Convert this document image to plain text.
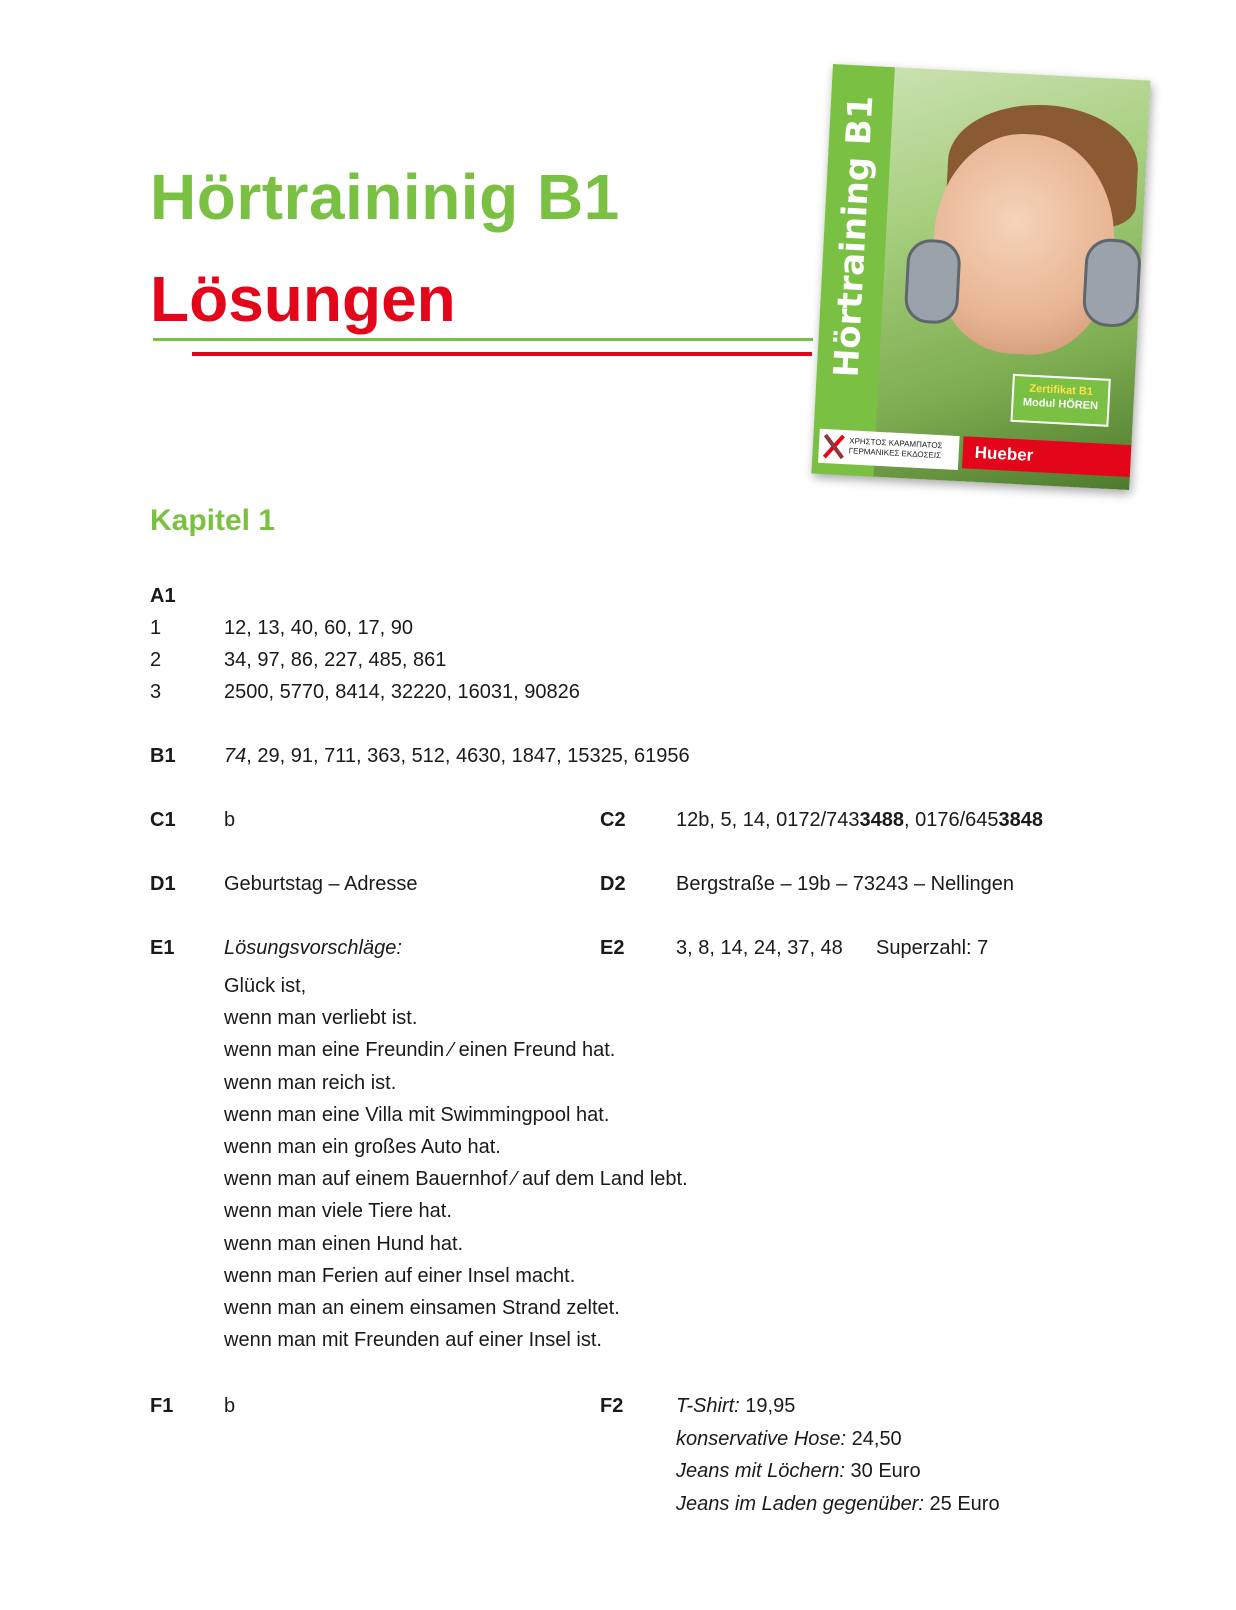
Hörtraininig B1
Lösungen	Hörtraining B1
Zertifikat B1
Modul HÖREN
ΧΡΗΣΤΟΣ ΚΑΡΑΜΠΑΤΟΣ
ΓΕΡΜΑΝΙΚΕΣ ΕΚΔΟΣΕΙΣ	Hueber
Kapitel 1
A1
1	12, 13, 40, 60, 17, 90
2	34, 97, 86, 227, 485, 861
3	2500, 5770, 8414, 32220, 16031, 90826
B1 74, 29, 91, 711, 363, 512, 4630, 1847, 15325, 61956
C1 b	C2	12b, 5, 14, 0172/7433488, 0176/6453848
D1 Geburtstag – Adresse	D2	Bergstraße – 19b – 73243 – Nellingen
E1 Lösungsvorschläge:	E2	3, 8, 14, 24, 37, 48 Superzahl: 7
Glück ist,
wenn man verliebt ist.
wenn man eine Freundin ⁄ einen Freund hat.
wenn man reich ist.
wenn man eine Villa mit Swimmingpool hat.
wenn man ein großes Auto hat.
wenn man auf einem Bauernhof ⁄ auf dem Land lebt.
wenn man viele Tiere hat.
wenn man einen Hund hat.
wenn man Ferien auf einer Insel macht.
wenn man an einem einsamen Strand zeltet.
wenn man mit Freunden auf einer Insel ist.
F1	b	F2	T-Shirt: 19,95
konservative Hose: 24,50
Jeans mit Löchern: 30 Euro
Jeans im Laden gegenüber: 25 Euro
